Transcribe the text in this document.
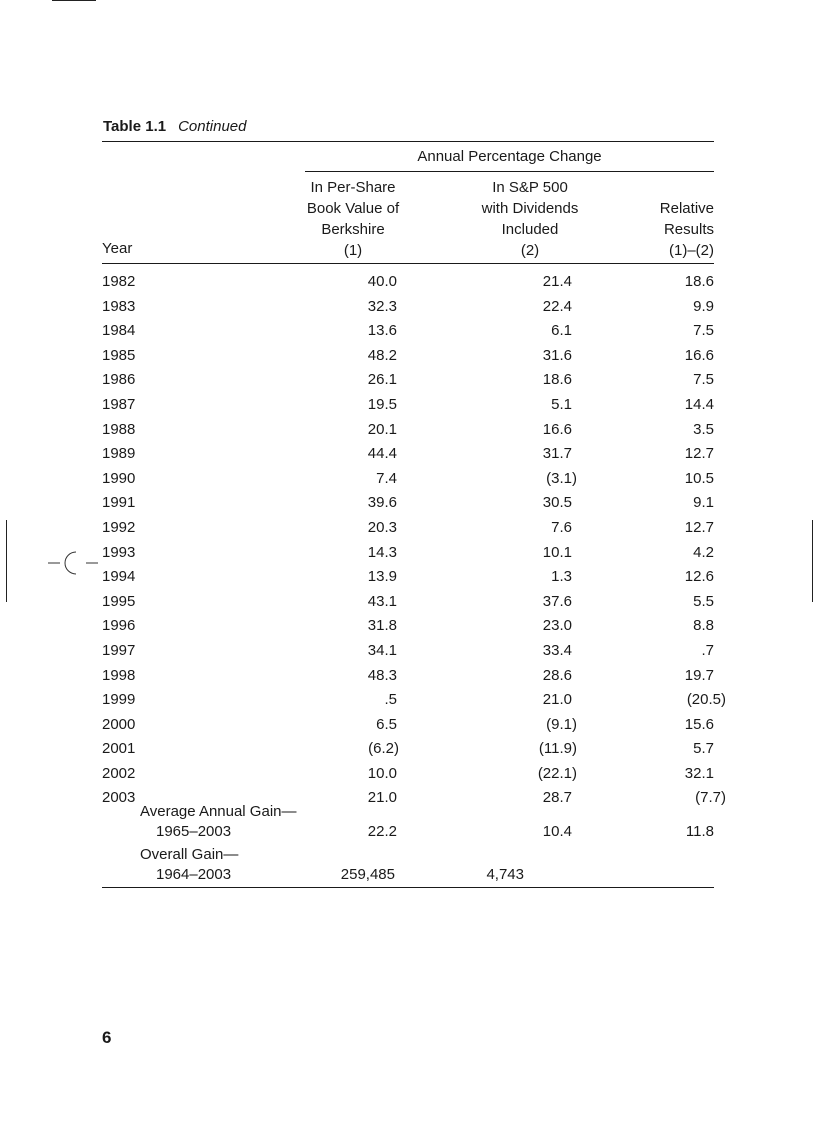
Table 1.1 Continued
Annual Percentage Change
In Per-Share
Book Value of
Berkshire
(1)
In S&P 500
with Dividends
Included
(2)
Relative
Results
(1)–(2)
Year
1982	40.0	21.4	18.6
1983	32.3	22.4	9.9
1984	13.6	6.1	7.5
1985	48.2	31.6	16.6
1986	26.1	18.6	7.5
1987	19.5	5.1	14.4
1988	20.1	16.6	3.5
1989	44.4	31.7	12.7
1990	7.4	(3.1)	10.5
1991	39.6	30.5	9.1
1992	20.3	7.6	12.7
1993	14.3	10.1	4.2
1994	13.9	1.3	12.6
1995	43.1	37.6	5.5
1996	31.8	23.0	8.8
1997	34.1	33.4	.7
1998	48.3	28.6	19.7
1999	.5	21.0	(20.5)
2000	6.5	(9.1)	15.6
2001	(6.2)	(11.9)	5.7
2002	10.0	(22.1)	32.1
2003	21.0	28.7	(7.7)
Average Annual Gain—
1965–2003	22.2	10.4	11.8
Overall Gain—
1964–2003	259,485	4,743
6
